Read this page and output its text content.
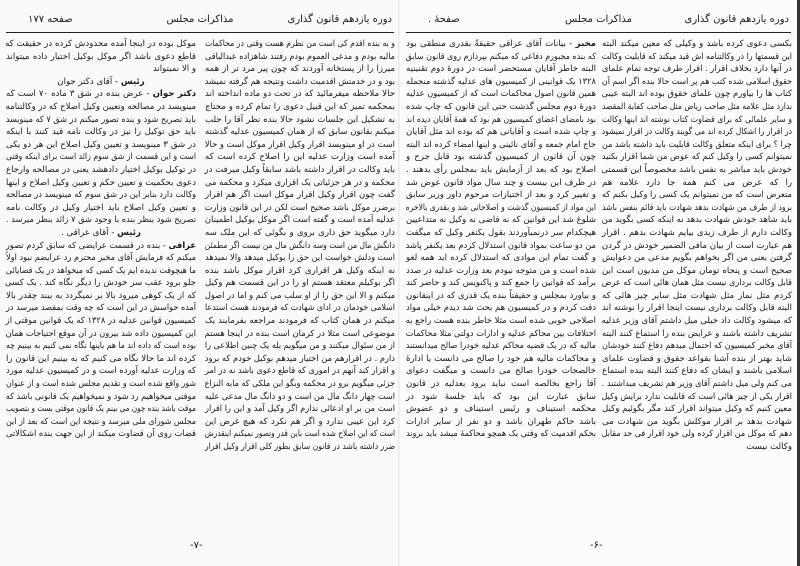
دوره یازدهم قانون گذاری
مذاکرات مجلس
صفحه ۱۷۷
و به بنده اقدم کی است من نظرم هست وقتی در محاکمات
مالیه بودم و مدعی العموم بودم رفتند شاهزاده عبدالباقی
میرزا را از پستخانه آوردند که چون پیر مرد تر از همه
بود و در خدمتش اقدمیت داشت ونتیجه هم گرفته نمیشد
حالا ملاحظه میفرمائید که در تحت دو ماده انداخته اند
بمحکمه تمیز که این قبیل دعوی را تمام کرده و محتاج
به تشکیل این جلسات نشود حالا بنده نظر آقا را جلب
میکنم بقانون سابق که از همان کمیسیون عدلیه گذشته
است در او مینویسد اقرار وکیل اقرار موکل است و حالا
آمده است وزارت عدلیه این را اصلاح کرده است که
باید وکالت در اقرار داشته باشد سابقاً وکیل میرفت در
محکمه و در هر جزئیاتی یک اقراری میکرد و محکمه می
گفت چون اقرار وکیل اقرار موکل است اگر هم اقرار
برضرر موکل باشد صحیح است لکن در این قانون وزارت
عدلیه آمده است و گفته است اگر موکل بوکیل اطمینان
دارد میگوید حق داری بروی و بگوئی که این ملک سه
دانگش مال من است وسه دانگش مال من نیست اگر مطمئن
است ودلش خواست این حق را بوکیل میدهد والا نمیدهد
نه اینکه وکیل هر اقراری کرد اقرار موکل باشد بنده
اگر بوکیلم معتقد هستم او را در این قسمت هم وکیل
میکنم و الا این حق را از او سلب می کنم و اما در اصول
اسلامی خودمان در ادای شهادت که فرمودند هست استدعا
میکنم در همان کتاب که فرمودند مراجعه بفرمایند یک
موضوعی است مثلا در کرمان است بنده در اینجا هستم
از من سئوال میکنند و من میگویم بله یک چنین اطلاعی را
دارم . در اقرارهم من اختیار میدهم بوکیل خودم که برود
و اقرار کند آنهم در اموری که قاطع دعوی باشد نه در امر
جزئی میگویم برو در محکمه وبگو این ملکی که مابه النزاع
است چهار دانگ مال من است و دو دانگ مال مدعی علیه
است من بر او ادعائی ندارم اگر وکیل آمد و این را اقرار
کرد این عیبی ندارد و اگر هم نکرد که هیچ غرض این
است که این اصلاح شده است باین قدر وتصور نمیکنم اینقدرش
ضرر داشته باشد در قانون سابق بطور کلی اقرار وکیل اقرار
موکل بوده در اینجا آمده محدودش کرده در حقیقت که
قاطع دعوی باشد اگر موکل بوکیل اختیار داده میتواند
و الا نمیتواند
رئیس - آقای دکتر جوان
دکتر جوان - عرض بنده در شق ۳ ماده ۷۰ است که
مینویسد در مصالحه وتعیین وکیل اصلاح که در وکالتنامه
باید تصریح شود و بنده تصور میکنم در شق ۷ که مینویسد
باید حق توکیل را نیز در وکالت نامه قید کنند با اینکه
در شق ۳ مینویسد و تعیین وکیل اصلاح این هر دو یکی
است و این قسمت از شق سوم زائد است برای اینکه وقتی
در توکیل بوکیل اختیار دادهشد یعنی در مصالحه وارجاع
دعوی بحکمیت و تعیین حکم و تعیین وکیل اصلاح و اینها
وکالت دارد بنابر این در شق سوم که مینویسد در مصالحه
و تعیین وکیل اصلاح باید اختیار وکیل در وکالت نامه
تصریح شود بنظر بنده با وجود شق ۷ زائد بنظر میرسد .
رئیس - آقای عراقی .
عراقی - بنده در قسمت عرایضی که سابق کردم تصور
میکنم که فرمایش آقای مخبر محترم رد عرایضم نبود اولاً
ما هیچوقت ندیده ایم یک کسی که میخواهد در یک قضایائی
جلو برود عقب سر خودش را دیگر نگاه کند . یک کسی
که از یک کوهی میرود بالا بر نمیگردد به بیند چقدر بالا
آمده حواسش در این است که چه وقت بمقصد میرسد در
کمیسیون قوانین عدلیه در ۱۳۲۸ که یک قوانین موقتی از
این کمیسیون داده شد بیرون در آن موقع احتیاجات همان
بوده است که داده اند ما هم باینها نگاه نمی کنیم به بینیم چه
کرده اند ما حالا نگاه می کنیم که به بینیم این قانون را
که وزارت عدلیه آورده است و در کمیسیون عدلیه مورد
شور واقع شده است و تقدیم مجلس شده است و از عنوان
موقتی میخواهیم رد شود و نمیخواهیم یک قانونی باشد که
موقت باشد بنده چون می بینم یک قانون موقتی بست و بتصویب
مجلس شورای ملی میرسد و نتیجه این است که بعد از این
قضات روی آن قضاوت میکند از این جهت بنده اشکالاتی
-۷-
دوره یازدهم قانون گذاری
مذاکرات مجلس
صفحهٔ .
بکسی دعوی کرده باشد و وکیلی که معین میکند البته
این قسمتها را در وکالتنامه اش قید میکند که قابلیت وکالت
در آنها دارد بخلاف اقرار . اقرار طرف توجه تمام علمای
حقوق اسلامی شده کتب هم پر است حالا بنده اگر اسم آن
کتاب ها را بیاورم چون علمای حقوق بوده اند البته عیبی
ندارد مثل علامه مثل صاحب ریاض مثل صاحب کفایة المقصد
و سایر علمائی که برای قضاوت کتاب نوشته اند اینها وکالت
در اقرار را اشکال کرده اند می گویند وکالت در اقرار نمیشود
چرا ؟ برای اینکه متعلق وکالت قابلیت باید داشته باشد من
نمیتوانم کسی را وکیل کنم که عوض من شما اقرار بکنید
خودش باید مباشر به نفس باشد مخصوصاً این قسمتی
را که عرض می کنم همه جا دارد علامه هم
متعرض است که من نمیتوانم یک کسی را وکیل بکنم که
برود از طرف من شهادت بدهد شهادت باید قائم بنفس باشد
باید شاهد خودش شهادت بدهد نه اینکه کسی بگوید من
وکالت دارم از طرف زیدی بیایم شهادت بدهم . اقرار
هم عبارت است از بیان مافی الضمیر خودش در گردن
گرفتن یعنی من اگر بخواهم بگویم مدعی من دعوایش
صحیح است و پنجاه تومان موکل من مدیون است این
قابل وکالت برداری نیست مثل همان هائی است که عرض
کردم مثل نماز مثل شهادت مثل سایر چیز هائی که
البته قابل وکالت برداری نیست اینجا اقرار را نوشته اند
که میشود وکالت داد خیلی میل داشتم آقای وزیر عدلیه
تشریف داشته باشند و عرایض بنده را استماع کنند البته
آقای مخبر کمیسیون که احتمال میدهم دفاع کنند خودشان
شاید بهتر از بنده آشنا بقواعد حقوق و قضاوت علمای
اسلامی باشند و ایشان که دفاع کنند البته بنده استماع
می کنم ولی میل داشتم آقای وزیر هم تشریف میداشتند .
اقرار یکی از چیز هائی است که قابلیت ندارد برایش وکیل
معین کنیم که وکیل میتواند اقرار کند مگر بگوئیم وکیل
شهادت بدهد بر اقرار موکلش بگوید من شهادت می
دهم که موکل من اقرار کرده ولی خود اقرار فی حد مقابل
وکالت نیست
مخبر - بیانات آقای عراقی حقیقةً بقدری منطقی بود
که بنده مجبورم دفاعی که میکنم بپردازم روی قانون سابق
البته خاطر آقایان مستحضر است در دورهٔ دوم تقنینیه
۱۳۲۸ یک قوانینی از کمیسیون های عدلیه گذشته منجمله
همین قانون اصول محاکمات است که از کمیسیون عدلیه
دورهٔ دوم مجلس گذشت حتی این قانون که چاپ شده
بود بامضای اعضای کمیسیون هم بود که همهٔ آقایان دیده اند
و چاپ شده است و آقایانی هم که بوده اند مثل آقایان
حاج امام جمعه و آقای نائینی و اینها امضاء کرده اند البته
چون آن قانون از کمیسیون گذشته بود قابل جرح و
اصلاح بود که بعد از آزمایش باید بمجلس رأی بدهند .
در ظرف این بیست و چند سال مواد قانون عوض شد
و تغییر کرد و بعد از اختیارات مرحوم داور وزیر سابق
این مواد از کمیسیون گذشت و اصلاحاتی شد و بقدری بالاخره
شلوغ شد این قوانین که نه قاضی نه وکیل نه متداعیین
هیچکدام سر درنمیآوردند بقول یکنفر وکیل که میگفت
من دو ساعت بمواد قانون استدلال کردم بعد یکنفر پاشد
و گفت تمام این موادی که استدلال کرده اید همه لغو
شده است و من متوجه نبودم بعد وزارت عدلیه در صدد
برآمد که قوانین را جمع کند و پاکنویس کند و حاضر کند
و بیاورد بمجلس و حقیقتاً بنده یک قدری که در اینقانون
دقت کردم و در کمیسیون هم بحث شد دیدم خیلی مواد
اصلاحی خوبی شده است مثلا خاطر بنده هست راجع به
اختلافات بین محاکم عدلیه و ادارات دولتی مثلا محاکمات
مالیه که در یک قضیه محاکم عدلیه خودرا صالح میدانستند
و محاکمات مالیه هم خود را صالح می دانست یا ادارهٔ
خالصجات خودرا صالح می دانست و میگفت دعوای
آقا راجع بخالصه است نباید برود بعدلیه در قانون
سابق عبارت این بود که باید جلسهٔ شود در
محکمه استیناف و رئیس استیناف و دو عضوش
باشد حاکم طهران باشد و دو نفر از سایر ادارات
بحکم اقدمیت که وقتی یک همچو محاکمهٔ میشد باید بروند
-۶-
